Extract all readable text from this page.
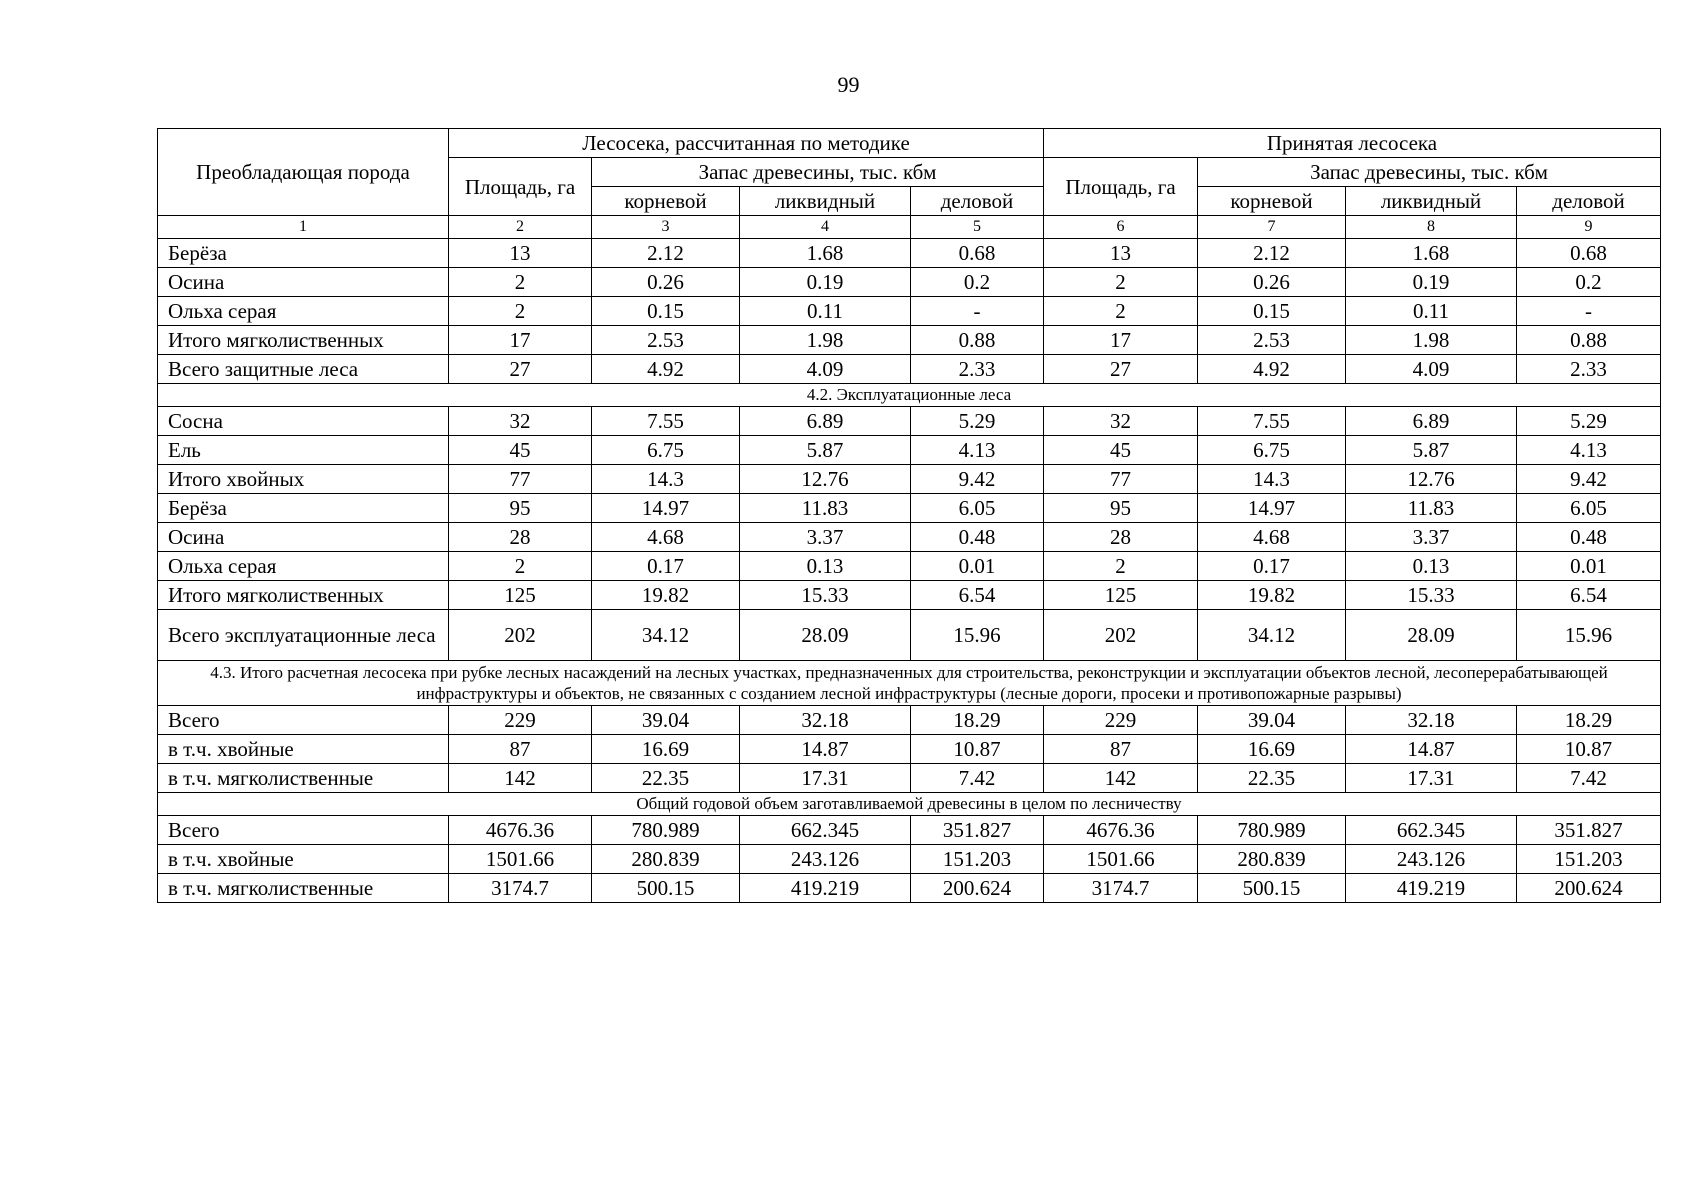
99
Преобладающая порода	Лесосека, рассчитанная по методике				Принятая лесосека			
	Площадь, га	Запас древесины, тыс. кбм			Площадь, га	Запас древесины, тыс. кбм		
		корневой	ликвидный	деловой		корневой	ликвидный	деловой
1	2	3	4	5	6	7	8	9
Берёза	13	2.12	1.68	0.68	13	2.12	1.68	0.68
Осина	2	0.26	0.19	0.2	2	0.26	0.19	0.2
Ольха серая	2	0.15	0.11	-	2	0.15	0.11	-
Итого мягколиственных	17	2.53	1.98	0.88	17	2.53	1.98	0.88
Всего защитные леса	27	4.92	4.09	2.33	27	4.92	4.09	2.33
4.2. Эксплуатационные леса								
Сосна	32	7.55	6.89	5.29	32	7.55	6.89	5.29
Ель	45	6.75	5.87	4.13	45	6.75	5.87	4.13
Итого хвойных	77	14.3	12.76	9.42	77	14.3	12.76	9.42
Берёза	95	14.97	11.83	6.05	95	14.97	11.83	6.05
Осина	28	4.68	3.37	0.48	28	4.68	3.37	0.48
Ольха серая	2	0.17	0.13	0.01	2	0.17	0.13	0.01
Итого мягколиственных	125	19.82	15.33	6.54	125	19.82	15.33	6.54
Всего эксплуатационные леса	202	34.12	28.09	15.96	202	34.12	28.09	15.96
4.3. Итого расчетная лесосека при рубке лесных насаждений на лесных участках, предназначенных для строительства, реконструкции и эксплуатации объектов лесной, лесоперерабатывающей инфраструктуры и объектов, не связанных с созданием лесной инфраструктуры (лесные дороги, просеки и противопожарные разрывы)								
Всего	229	39.04	32.18	18.29	229	39.04	32.18	18.29
в т.ч. хвойные	87	16.69	14.87	10.87	87	16.69	14.87	10.87
в т.ч. мягколиственные	142	22.35	17.31	7.42	142	22.35	17.31	7.42
Общий годовой объем заготавливаемой древесины в целом по лесничеству								
Всего	4676.36	780.989	662.345	351.827	4676.36	780.989	662.345	351.827
в т.ч. хвойные	1501.66	280.839	243.126	151.203	1501.66	280.839	243.126	151.203
в т.ч. мягколиственные	3174.7	500.15	419.219	200.624	3174.7	500.15	419.219	200.624
